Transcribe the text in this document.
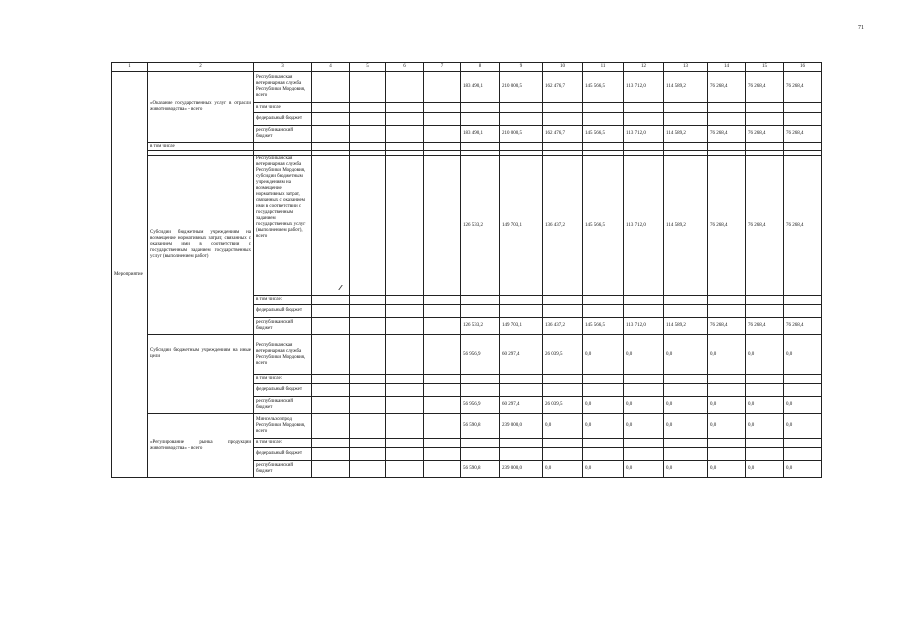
71
1	2	3	4	5	6	7	8	9	10	11	12	13	14	15	16
Мероприятие	«Оказание государственных услуг в отрасли животноводства» - всего	Республиканская ветеринарная служба Республики Мордовия, всего					183 490,1	210 000,5	162 476,7	145 566,5	113 712,0	114 589,2	76 268,4	76 268,4	76 268,4
		в том числе													
		федеральный бюджет													
		республиканский бюджет					183 490,1	210 000,5	162 476,7	145 566,5	113 712,0	114 589,2	76 268,4	76 268,4	76 268,4
	в том числе														

	Субсидии бюджетным учреждениям на возмещение нормативных затрат, связанных с оказанием ими в соответствии с государственным заданием государственных услуг (выполнением работ)	Республиканская ветеринарная служба Республики Мордовия, субсидии бюджетным учреждениям на возмещение нормативных затрат, связанных с оказанием ими в соответствии с государственным заданием государственных услуг (выполнением работ), всего					126 533,2	149 703,1	136 437,2	145 566,5	113 712,0	114 589,2	76 268,4	76 268,4	76 268,4
		в том числе:													
		федеральный бюджет													
		республиканский бюджет					126 533,2	149 703,1	136 437,2	145 566,5	113 712,0	114 589,2	76 268,4	76 268,4	76 268,4
	Субсидии бюджетным учреждениям на иные цели	Республиканская ветеринарная служба Республики Мордовия, всего					56 956,9	60 297,4	26 039,5	0,0	0,0	0,0	0,0	0,0	0,0
		в том числе:													
		федеральный бюджет													
		республиканский бюджет					56 956,9	60 297,4	26 039,5	0,0	0,0	0,0	0,0	0,0	0,0
	«Регулирование рынка продукции животноводства» - всего	Минсельхозпрод Республики Мордовия, всего					56 590,8	239 000,0	0,0	0,0	0,0	0,0	0,0	0,0	0,0
		в том числе:													
		федеральный бюджет													
		республиканский бюджет					56 590,8	239 000,0	0,0	0,0	0,0	0,0	0,0	0,0	0,0
